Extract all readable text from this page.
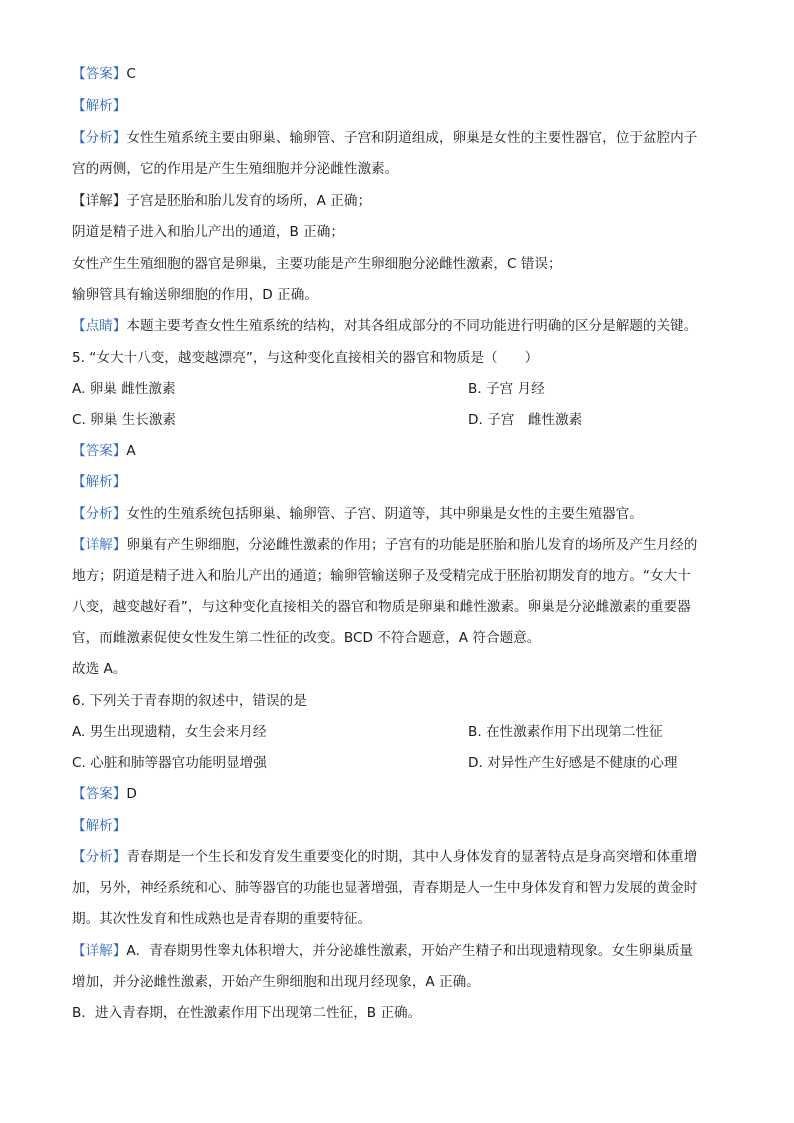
【答案】C
【解析】
【分析】女性生殖系统主要由卵巢、输卵管、子宫和阴道组成，卵巢是女性的主要性器官，位于盆腔内子
宫的两侧，它的作用是产生生殖细胞并分泌雌性激素。
【详解】子宫是胚胎和胎儿发育的场所，A 正确；
阴道是精子进入和胎儿产出的通道，B 正确；
女性产生生殖细胞的器官是卵巢，主要功能是产生卵细胞分泌雌性激素，C 错误；
输卵管具有输送卵细胞的作用，D 正确。
【点睛】本题主要考查女性生殖系统的结构，对其各组成部分的不同功能进行明确的区分是解题的关键。
5. “女大十八变，越变越漂亮”，与这种变化直接相关的器官和物质是（　　）
A. 卵巢 雌性激素	B. 子宫 月经
C. 卵巢 生长激素	D. 子宫　雌性激素
【答案】A
【解析】
【分析】女性的生殖系统包括卵巢、输卵管、子宫、阴道等，其中卵巢是女性的主要生殖器官。
【详解】卵巢有产生卵细胞，分泌雌性激素的作用；子宫有的功能是胚胎和胎儿发育的场所及产生月经的
地方；阴道是精子进入和胎儿产出的通道；输卵管输送卵子及受精完成于胚胎初期发育的地方。“女大十
八变，越变越好看”，与这种变化直接相关的器官和物质是卵巢和雌性激素。卵巢是分泌雌激素的重要器
官，而雌激素促使女性发生第二性征的改变。BCD 不符合题意，A 符合题意。
故选 A。
6. 下列关于青春期的叙述中，错误的是
A. 男生出现遗精，女生会来月经	B. 在性激素作用下出现第二性征
C. 心脏和肺等器官功能明显增强	D. 对异性产生好感是不健康的心理
【答案】D
【解析】
【分析】青春期是一个生长和发育发生重要变化的时期，其中人身体发育的显著特点是身高突增和体重增
加，另外，神经系统和心、肺等器官的功能也显著增强，青春期是人一生中身体发育和智力发展的黄金时
期。其次性发育和性成熟也是青春期的重要特征。
【详解】A．青春期男性睾丸体积增大，并分泌雄性激素，开始产生精子和出现遗精现象。女生卵巢质量
增加，并分泌雌性激素，开始产生卵细胞和出现月经现象，A 正确。
B．进入青春期，在性激素作用下出现第二性征，B 正确。
